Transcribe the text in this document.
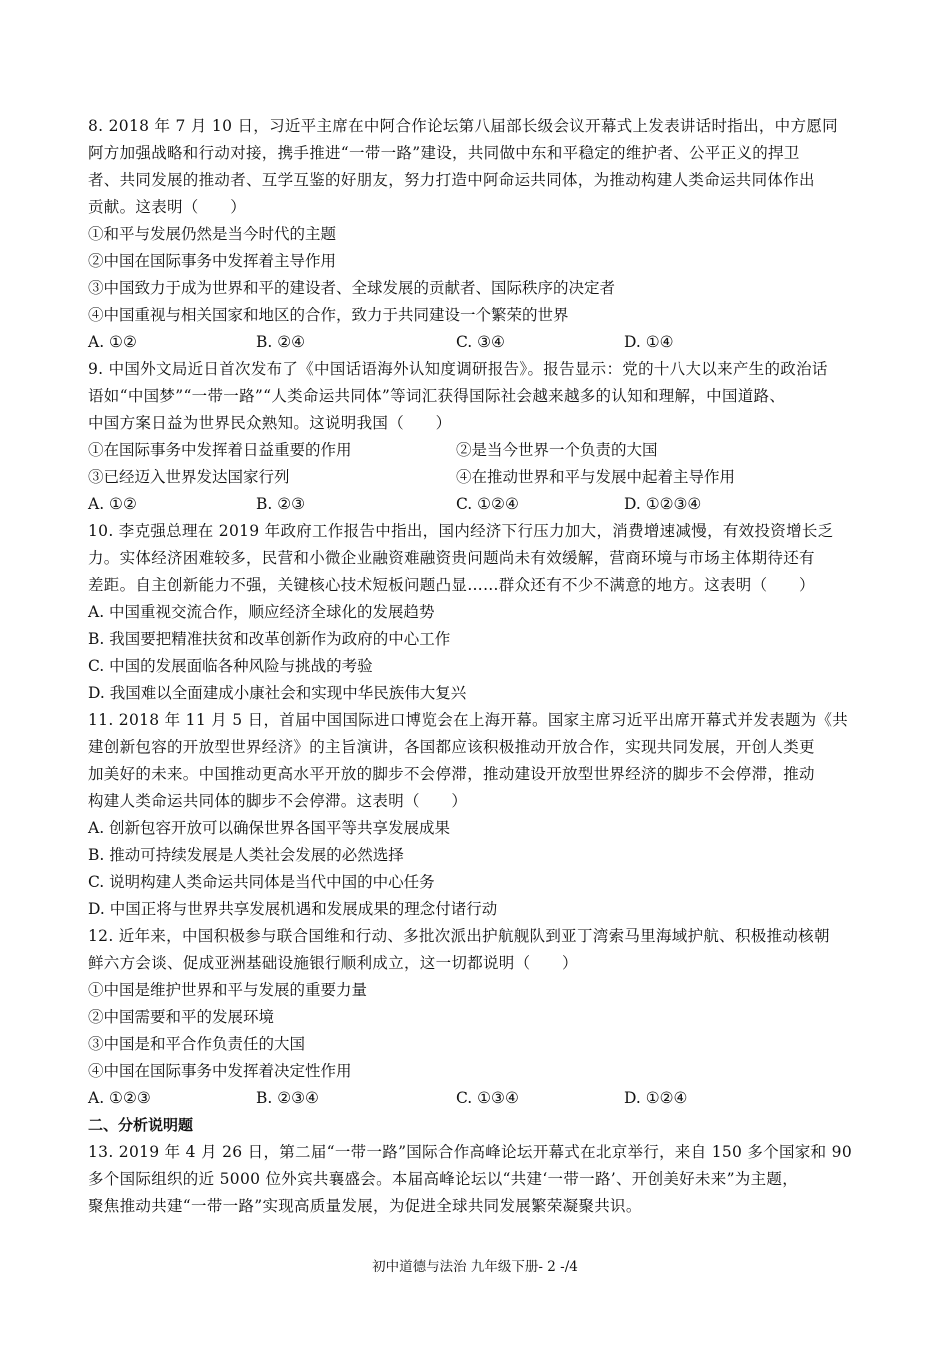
8. 2018 年 7 月 10 日，习近平主席在中阿合作论坛第八届部长级会议开幕式上发表讲话时指出，中方愿同
阿方加强战略和行动对接，携手推进“一带一路”建设，共同做中东和平稳定的维护者、公平正义的捍卫
者、共同发展的推动者、互学互鉴的好朋友，努力打造中阿命运共同体，为推动构建人类命运共同体作出
贡献。这表明（　　）
①和平与发展仍然是当今时代的主题
②中国在国际事务中发挥着主导作用
③中国致力于成为世界和平的建设者、全球发展的贡献者、国际秩序的决定者
④中国重视与相关国家和地区的合作，致力于共同建设一个繁荣的世界
A. ①②	B. ②④	C. ③④	D. ①④
9. 中国外文局近日首次发布了《中国话语海外认知度调研报告》。报告显示：党的十八大以来产生的政治话
语如“中国梦”“一带一路”“人类命运共同体”等词汇获得国际社会越来越多的认知和理解，中国道路、
中国方案日益为世界民众熟知。这说明我国（　　）
①在国际事务中发挥着日益重要的作用	②是当今世界一个负责的大国
③已经迈入世界发达国家行列	④在推动世界和平与发展中起着主导作用
A. ①②	B. ②③	C. ①②④	D. ①②③④
10. 李克强总理在 2019 年政府工作报告中指出，国内经济下行压力加大，消费增速减慢，有效投资增长乏
力。实体经济困难较多，民营和小微企业融资难融资贵问题尚未有效缓解，营商环境与市场主体期待还有
差距。自主创新能力不强，关键核心技术短板问题凸显……群众还有不少不满意的地方。这表明（　　）
A. 中国重视交流合作，顺应经济全球化的发展趋势
B. 我国要把精准扶贫和改革创新作为政府的中心工作
C. 中国的发展面临各种风险与挑战的考验
D. 我国难以全面建成小康社会和实现中华民族伟大复兴
11. 2018 年 11 月 5 日，首届中国国际进口博览会在上海开幕。国家主席习近平出席开幕式并发表题为《共
建创新包容的开放型世界经济》的主旨演讲，各国都应该积极推动开放合作，实现共同发展，开创人类更
加美好的未来。中国推动更高水平开放的脚步不会停滞，推动建设开放型世界经济的脚步不会停滞，推动
构建人类命运共同体的脚步不会停滞。这表明（　　）
A. 创新包容开放可以确保世界各国平等共享发展成果
B. 推动可持续发展是人类社会发展的必然选择
C. 说明构建人类命运共同体是当代中国的中心任务
D. 中国正将与世界共享发展机遇和发展成果的理念付诸行动
12. 近年来，中国积极参与联合国维和行动、多批次派出护航舰队到亚丁湾索马里海域护航、积极推动核朝
鲜六方会谈、促成亚洲基础设施银行顺利成立，这一切都说明（　　）
①中国是维护世界和平与发展的重要力量
②中国需要和平的发展环境
③中国是和平合作负责任的大国
④中国在国际事务中发挥着决定性作用
A. ①②③	B. ②③④	C. ①③④	D. ①②④
二、分析说明题
13. 2019 年 4 月 26 日，第二届“一带一路”国际合作高峰论坛开幕式在北京举行，来自 150 多个国家和 90
多个国际组织的近 5000 位外宾共襄盛会。本届高峰论坛以“共建‘一带一路’、开创美好未来”为主题，
聚焦推动共建“一带一路”实现高质量发展，为促进全球共同发展繁荣凝聚共识。
初中道德与法治 九年级下册- 2 -/4
